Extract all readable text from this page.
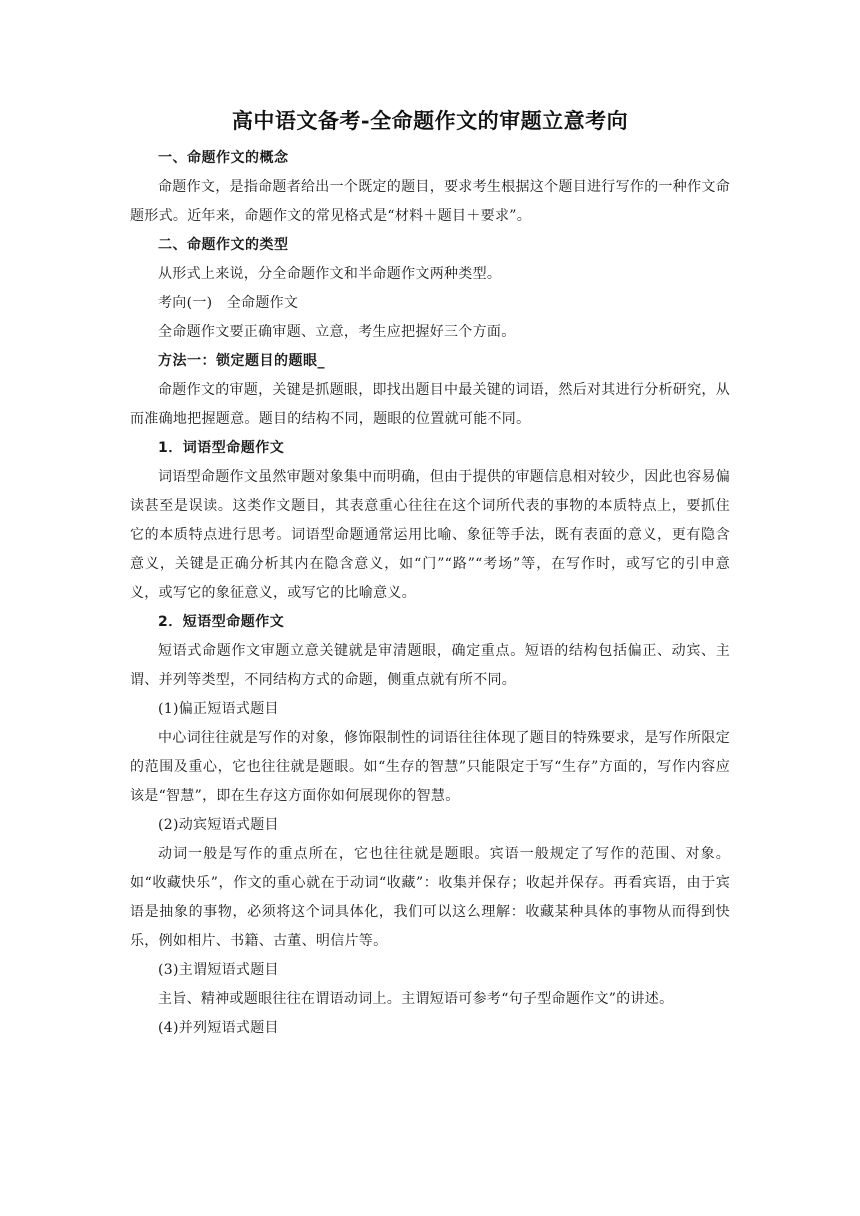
高中语文备考-全命题作文的审题立意考向

一、命题作文的概念

命题作文，是指命题者给出一个既定的题目，要求考生根据这个题目进行写作的一种作文命题形式。近年来，命题作文的常见格式是“材料＋题目＋要求”。

二、命题作文的类型

从形式上来说，分全命题作文和半命题作文两种类型。

考向(一)　全命题作文

全命题作文要正确审题、立意，考生应把握好三个方面。

方法一：锁定题目的题眼_

命题作文的审题，关键是抓题眼，即找出题目中最关键的词语，然后对其进行分析研究，从而准确地把握题意。题目的结构不同，题眼的位置就可能不同。

1．词语型命题作文

词语型命题作文虽然审题对象集中而明确，但由于提供的审题信息相对较少，因此也容易偏读甚至是误读。这类作文题目，其表意重心往往在这个词所代表的事物的本质特点上，要抓住它的本质特点进行思考。词语型命题通常运用比喻、象征等手法，既有表面的意义，更有隐含意义，关键是正确分析其内在隐含意义，如“门”“路”“考场”等，在写作时，或写它的引申意义，或写它的象征意义，或写它的比喻意义。

2．短语型命题作文

短语式命题作文审题立意关键就是审清题眼，确定重点。短语的结构包括偏正、动宾、主谓、并列等类型，不同结构方式的命题，侧重点就有所不同。

(1)偏正短语式题目

中心词往往就是写作的对象，修饰限制性的词语往往体现了题目的特殊要求，是写作所限定的范围及重心，它也往往就是题眼。如“生存的智慧”只能限定于写“生存”方面的，写作内容应该是“智慧”，即在生存这方面你如何展现你的智慧。

(2)动宾短语式题目

动词一般是写作的重点所在，它也往往就是题眼。宾语一般规定了写作的范围、对象。如“收藏快乐”，作文的重心就在于动词“收藏”：收集并保存；收起并保存。再看宾语，由于宾语是抽象的事物，必须将这个词具体化，我们可以这么理解：收藏某种具体的事物从而得到快乐，例如相片、书籍、古董、明信片等。

(3)主谓短语式题目

主旨、精神或题眼往往在谓语动词上。主谓短语可参考“句子型命题作文”的讲述。

(4)并列短语式题目
